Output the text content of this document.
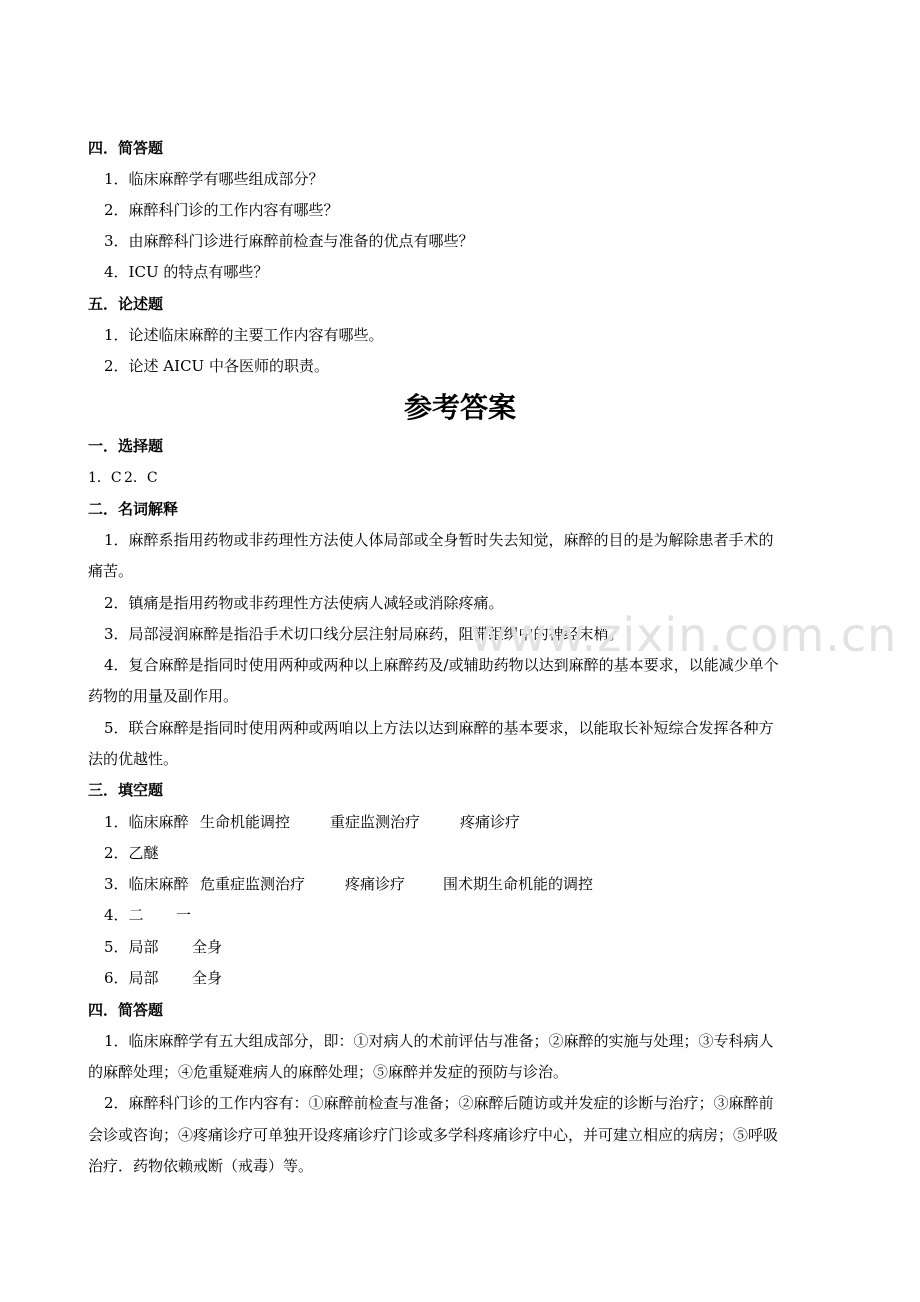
四．简答题
1．临床麻醉学有哪些组成部分？
2．麻醉科门诊的工作内容有哪些？
3．由麻醉科门诊进行麻醉前检查与准备的优点有哪些？
4．ICU 的特点有哪些？
五．论述题
1．论述临床麻醉的主要工作内容有哪些。
2．论述 AICU 中各医师的职责。
参考答案
一．选择题
1．C 2．C
二．名词解释
1．麻醉系指用药物或非药理性方法使人体局部或全身暂时失去知觉，麻醉的目的是为解除患者手术的
痛苦。
2．镇痛是指用药物或非药理性方法使病人减轻或消除疼痛。
3．局部浸润麻醉是指沿手术切口线分层注射局麻药，阻滞组织中的神经末梢。
4．复合麻醉是指同时使用两种或两种以上麻醉药及/或辅助药物以达到麻醉的基本要求，以能减少单个
药物的用量及副作用。
5．联合麻醉是指同时使用两种或两咱以上方法以达到麻醉的基本要求，以能取长补短综合发挥各种方
法的优越性。
三．填空题
1．临床麻醉 生命机能调控	重症监测治疗	疼痛诊疗
2．乙醚
3．临床麻醉 危重症监测治疗	疼痛诊疗	围术期生命机能的调控
4．二 一
5．局部 全身
6．局部 全身
四．简答题
1．临床麻醉学有五大组成部分，即：①对病人的术前评估与准备；②麻醉的实施与处理；③专科病人
的麻醉处理；④危重疑难病人的麻醉处理；⑤麻醉并发症的预防与诊治。
2．麻醉科门诊的工作内容有：①麻醉前检查与准备；②麻醉后随访或并发症的诊断与治疗；③麻醉前
会诊或咨询；④疼痛诊疗可单独开设疼痛诊疗门诊或多学科疼痛诊疗中心，并可建立相应的病房；⑤呼吸
治疗．药物依赖戒断（戒毒）等。
www.zixin.com.cn
